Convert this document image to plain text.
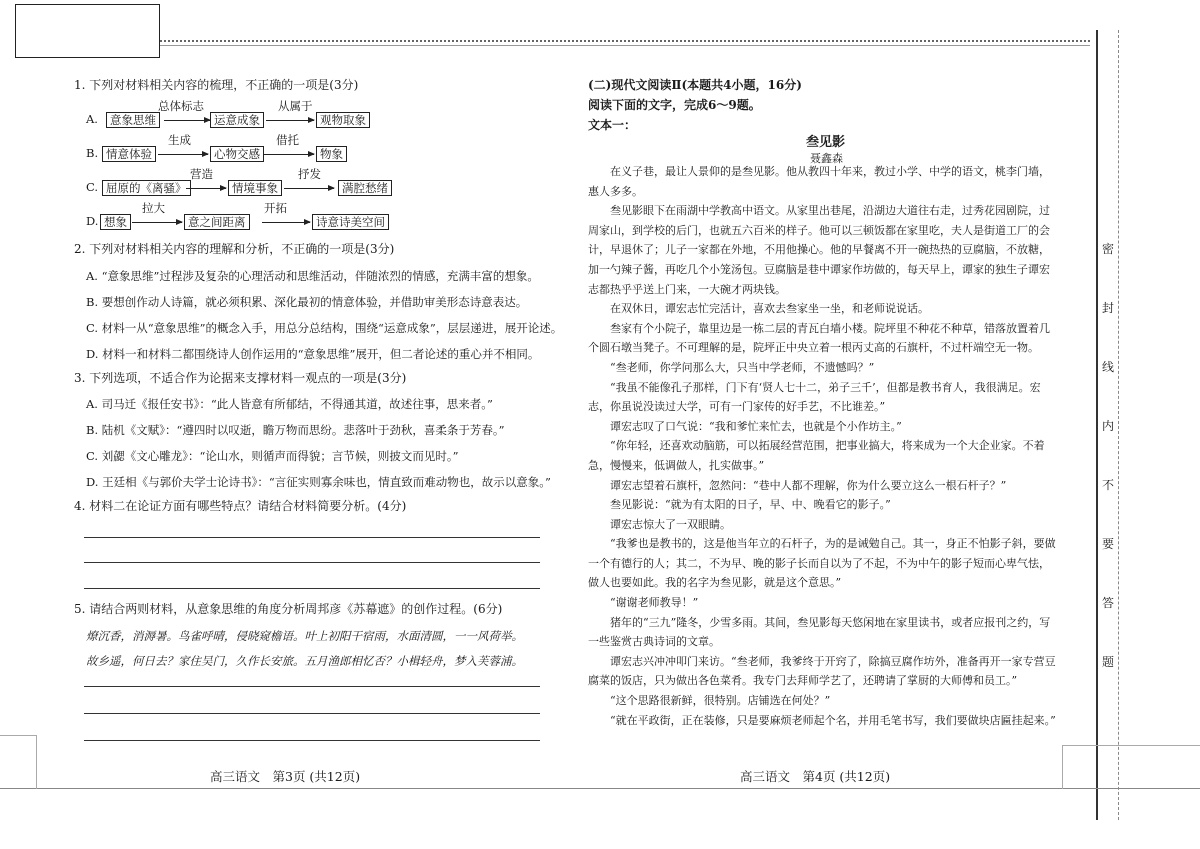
密
封
线
内
不
要
答
题
1. 下列对材料相关内容的梳理，不正确的一项是(3分)
A.	意象思维
总体标志
运意成象
从属于
观物取象
B. 情意体验
生成
心物交感
借托
物象
C. 屈原的《离骚》
营造
情境事象
抒发
满腔愁绪
D. 想象
拉大
意之间距离
开拓
诗意诗美空间
2. 下列对材料相关内容的理解和分析，不正确的一项是(3分)
A. “意象思维”过程涉及复杂的心理活动和思维活动，伴随浓烈的情感，充满丰富的想象。
B. 要想创作动人诗篇，就必须积累、深化最初的情意体验，并借助审美形态诗意表达。
C. 材料一从“意象思维”的概念入手，用总分总结构，围绕“运意成象”，层层递进，展开论述。
D. 材料一和材料二都围绕诗人创作运用的“意象思维”展开，但二者论述的重心并不相同。
3. 下列选项，不适合作为论据来支撑材料一观点的一项是(3分)
A. 司马迁《报任安书》：“此人皆意有所郁结，不得通其道，故述往事，思来者。”
B. 陆机《文赋》：“遵四时以叹逝，瞻万物而思纷。悲落叶于劲秋，喜柔条于芳春。”
C. 刘勰《文心雕龙》：“论山水，则循声而得貌；言节候，则披文而见时。”
D. 王廷相《与郭价夫学士论诗书》：“言征实则寡余味也，情直致而难动物也，故示以意象。”
4. 材料二在论证方面有哪些特点？请结合材料简要分析。(4分)
5. 请结合两则材料，从意象思维的角度分析周邦彦《苏幕遮》的创作过程。(6分)
燎沉香，消溽暑。鸟雀呼晴，侵晓窥檐语。叶上初阳干宿雨，水面清圆，一一风荷举。
故乡遥，何日去？家住吴门，久作长安旅。五月渔郎相忆否？小楫轻舟，梦入芙蓉浦。
高三语文　第3页 (共12页)
(二)现代文阅读Ⅱ(本题共4小题，16分)
阅读下面的文字，完成6～9题。
文本一：
叁见影
聂鑫森

在义子巷，最让人景仰的是叁见影。他从教四十年来，教过小学、中学的语文，桃李门墙，惠人多多。

叁见影眼下在雨湖中学教高中语文。从家里出巷尾，沿湖边大道往右走，过秀花园剧院，过周家山，到学校的后门，也就五六百米的样子。他可以三顿饭都在家里吃，夫人是街道工厂的会计，早退休了；儿子一家都在外地，不用他操心。他的早餐离不开一碗热热的豆腐脑，不放糖，加一勺辣子酱，再吃几个小笼汤包。豆腐脑是巷中谭家作坊做的，每天早上，谭家的独生子谭宏志都热乎乎送上门来，一大碗才两块钱。

在双休日，谭宏志忙完活计，喜欢去叁家坐一坐，和老师说说话。

叁家有个小院子，靠里边是一栋二层的青瓦白墙小楼。院坪里不种花不种草，错落放置着几个圆石墩当凳子。不可理解的是，院坪正中央立着一根丙丈高的石旗杆，不过杆端空无一物。

“叁老师，你学问那么大，只当中学老师，不遗憾吗？”

“我虽不能像孔子那样，门下有‘贤人七十二，弟子三千’，但都是教书育人，我很满足。宏志，你虽说没读过大学，可有一门家传的好手艺，不比谁差。”

谭宏志叹了口气说：“我和爹忙来忙去，也就是个小作坊主。”

“你年轻，还喜欢动脑筋，可以拓展经营范围，把事业搞大，将来成为一个大企业家。不着急，慢慢来，低调做人，扎实做事。”

谭宏志望着石旗杆，忽然问：“巷中人都不理解，你为什么要立这么一根石杆子？”

叁见影说：“就为有太阳的日子，早、中、晚看它的影子。”

谭宏志惊大了一双眼睛。

“我爹也是教书的，这是他当年立的石杆子，为的是诫勉自己。其一，身正不怕影子斜，要做一个有德行的人；其二，不为早、晚的影子长而自以为了不起，不为中午的影子短而心卑气怯，做人也要如此。我的名字为叁见影，就是这个意思。”

“谢谢老师教导！”

猪年的“三九”隆冬，少雪多雨。其间，叁见影每天悠闲地在家里读书，或者应报刊之约，写一些鉴赏古典诗词的文章。

谭宏志兴冲冲叩门来访。“叁老师，我爹终于开窍了，除搞豆腐作坊外，准备再开一家专营豆腐菜的饭店，只为做出各色菜肴。我专门去拜师学艺了，还聘请了掌厨的大师傅和员工。”

“这个思路很新鲜，很特别。店铺选在何处？”

“就在平政街，正在装修，只是要麻烦老师起个名，并用毛笔书写，我们要做块店匾挂起来。”

高三语文　第4页 (共12页)
